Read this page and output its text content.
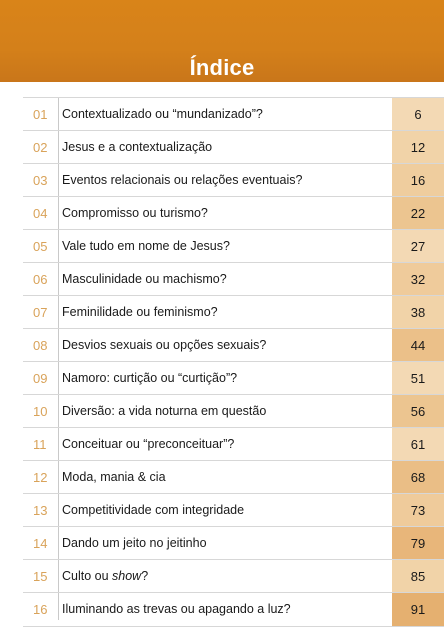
Índice
01	Contextualizado ou “mundanizado”?	6
02	Jesus e a contextualização	12
03	Eventos relacionais ou relações eventuais?	16
04	Compromisso ou turismo?	22
05	Vale tudo em nome de Jesus?	27
06	Masculinidade ou machismo?	32
07	Feminilidade ou feminismo?	38
08	Desvios sexuais ou opções sexuais?	44
09	Namoro: curtição ou “curtição”?	51
10	Diversão: a vida noturna em questão	56
11	Conceituar ou “preconceituar”?	61
12	Moda, mania & cia	68
13	Competitividade com integridade	73
14	Dando um jeito no jeitinho	79
15	Culto ou show?	85
16	Iluminando as trevas ou apagando a luz?	91
